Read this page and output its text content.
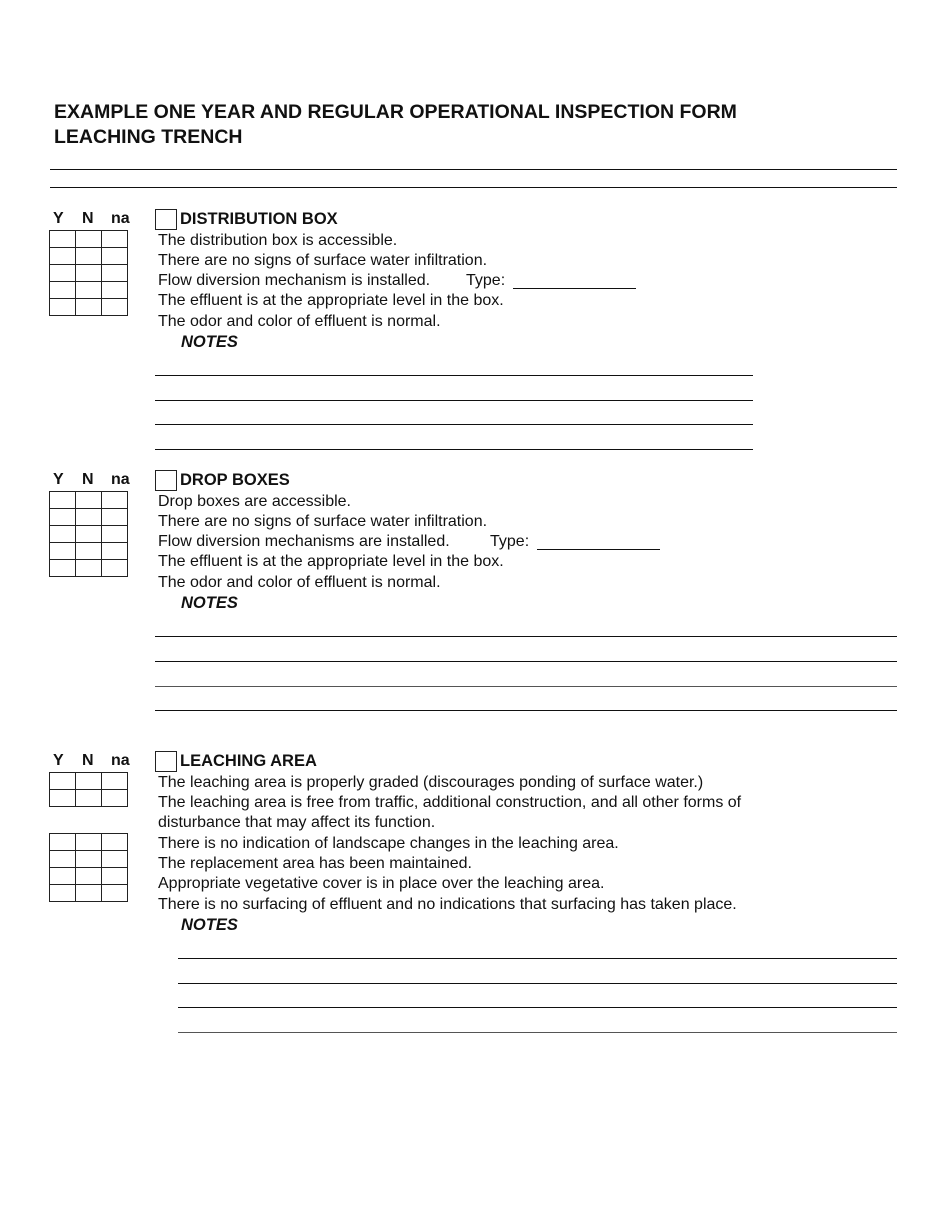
EXAMPLE ONE YEAR AND REGULAR OPERATIONAL INSPECTION FORM
LEACHING TRENCH
Y N na

			DISTRIBUTION BOX
The distribution box is accessible.
There are no signs of surface water infiltration.
Flow diversion mechanism is installed. Type:
The effluent is at the appropriate level in the box.
The odor and color of effluent is normal.
NOTES
Y N na

			DROP BOXES
Drop boxes are accessible.
There are no signs of surface water infiltration.
Flow diversion mechanisms are installed.	Type:
The effluent is at the appropriate level in the box.
The odor and color of effluent is normal.
NOTES
Y N na

			LEACHING AREA
The leaching area is properly graded (discourages ponding of surface water.)
The leaching area is free from traffic, additional construction, and all other forms of disturbance that may affect its function.
There is no indication of landscape changes in the leaching area.
The replacement area has been maintained.
Appropriate vegetative cover is in place over the leaching area.
There is no surfacing of effluent and no indications that surfacing has taken place.
NOTES
